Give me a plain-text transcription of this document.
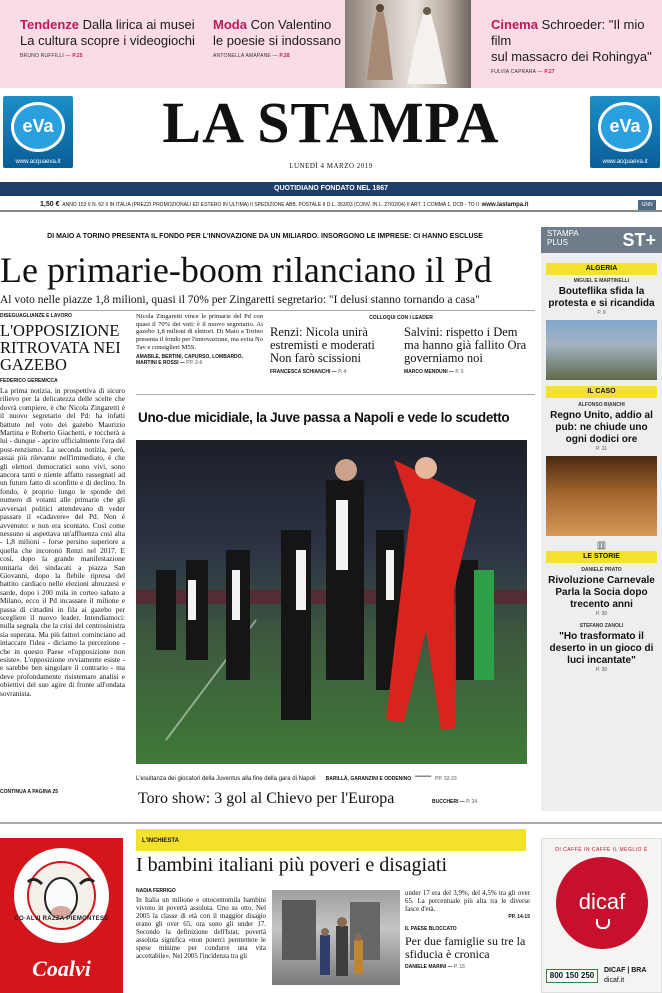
Tendenze Dalla lirica ai musei
La cultura scopre i videogiochi
BRUNO RUFFILLI — P.25
Moda Con Valentino
le poesie si indossano
ANTONELLA AMAPANE — P.28
Cinema Schroeder: "Il mio film
sul massacro dei Rohingya"
FULVIA CAPRARA — P.27
eVa
www.acquaeva.it
eVa
www.acquaeva.it
LA STAMPA
LUNEDÌ 4 MARZO 2019
QUOTIDIANO FONDATO NEL 1867
1,50 € ANNO 153 II N. 62 II IN ITALIA (PREZZI PROMOZIONALI ED ESTERO IN ULTIMA) II SPEDIZIONE ABB. POSTALE II D.L. 353/03 (CONV. IN L. 27/02/04) II ART. 1 COMMA 1, DCB - TO II www.lastampa.it	GNN
DI MAIO A TORINO PRESENTA IL FONDO PER L'INNOVAZIONE DA UN MILIARDO. INSORGONO LE IMPRESE: CI HANNO ESCLUSE
Le primarie-boom rilanciano il Pd
Al voto nelle piazze 1,8 milioni, quasi il 70% per Zingaretti segretario: "I delusi stanno tornando a casa"
DISEGUAGLIANZE E LAVORO
L'OPPOSIZIONE RITROVATA NEI GAZEBO
FEDERICO GEREMICCA
La prima notizia, in prospettiva di sicuro rilievo per la delicatezza delle scelte che dovrà compiere, è che Nicola Zingaretti è il nuovo segretario del Pd: ha infatti battuto nel voto dei gazebo Maurizio Martina e Roberto Giachetti, e toccherà a lui - dunque - aprire ufficialmente l'era del post-renzismo. La seconda notizia, però, assai più rilevante nell'immediato, è che gli elettori democratici sono vivi, sono ancora tanti e niente affatto rassegnati ad un futuro fatto di sconfitte e di declino. In fondo, è proprio lungo le sponde del numero di votanti alle primarie che gli avversari politici attendevano di veder passare il «cadavere» del Pd. Non è avvenuto: e non era scontato. Così come nessuno si aspettava un'affluenza così alta - 1,8 milioni - forse persino superiore a quella che incoronò Renzi nel 2017. E così, dopo la grande manifestazione unitaria dei sindacati a piazza San Giovanni, dopo la flebile ripresa del battito cardiaco nelle elezioni abruzzesi e sarde, dopo i 200 mila in corteo sabato a Milano, ecco il Pd incassare il milione e passa di cittadini in fila ai gazebo per scegliere il nuovo leader. Intendiamoci: nulla segnala che la crisi del centrosinistra sia superata. Ma più fattori cominciano ad intaccare l'idea - diciamo la percezione - che in questo Paese «l'opposizione non esiste». L'opposizione ovviamente esiste - e sarebbe ben singolare il contrario - ma deve profondamente risistemare analisi e obiettivi del suo agire di fronte all'ondata sovranista.
CONTINUA A PAGINA 25
Nicola Zingaretti vince le primarie del Pd con quasi il 70% dei voti: è il nuovo segretario. Ai gazebo 1,8 milioni di elettori. Di Maio a Torino presenta il fondo per l'innovazione, ma evita No Tav e consiglieri M5S.
AMABILE, BERTINI, CAPURSO, LOMBARDO, MARTINI E ROSSI — PP. 2-6
COLLOQUI CON I LEADER
Renzi: Nicola unirà estremisti e moderati Non farò scissioni
FRANCESCA SCHIANCHI — P. 4
Salvini: rispetto i Dem ma hanno già fallito Ora governiamo noi
MARCO MENDUNI — P. 5
Uno-due micidiale, la Juve passa a Napoli e vede lo scudetto
L'esultanza dei giocatori della Juventus alla fine della gara di Napoli BARILLÀ, GARANZINI E ODDENINO — PP. 32-33
Toro show: 3 gol al Chievo per l'Europa	BUCCHERI — P. 34
STAMPA
PLUS	ST+
ALGERIA
MIGUEL E MARTINELLI
Bouteflika sfida la protesta e si ricandida
P. 9
IL CASO
ALFONSO BIANCHI
Regno Unito, addio al pub: ne chiude uno ogni dodici ore
P. 11
▥
LE STORIE
DANIELE PRATO
Rivoluzione Carnevale Parla la Socia dopo trecento anni
P. 30
STEFANO ZANOLI
"Ho trasformato il deserto in un gioco di luci incantate"
P. 30
CO·ALVI RAZZA PIEMONTESE
Coalvi
L'INCHIESTA
I bambini italiani più poveri e disagiati
NADIA FERRIGO
In Italia un milione e ottocentomila bambini vivono in povertà assoluta. Uno su otto. Nel 2005 la classe di età con il maggior disagio erano gli over 65, ora sono gli under 17. Secondo la definizione dell'Istat, povertà assoluta significa «non poterci permettere le spese minime per condurre una vita accettabile». Nel 2005 l'incidenza tra gli
under 17 era del 3,9%, del 4,5% tra gli over 65. La percentuale più alta tra le diverse fasce d'età.
PP. 14-15
IL PAESE BLOCCATO
Per due famiglie su tre la sfiducia è cronica
DANIELE MARINI — P. 15
DI CAFFÈ IN CAFFÈ IL MEGLIO È
dicaf
800 150 250
DICAF | BRA
dicaf.it
